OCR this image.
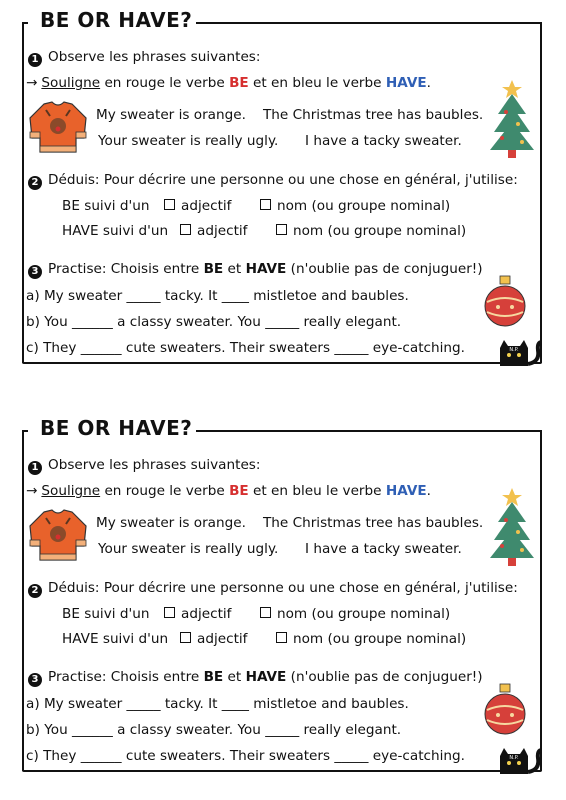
BE OR HAVE?
1 Observe les phrases suivantes:
→ Souligne en rouge le verbe BE et en bleu le verbe HAVE.
My sweater is orange. The Christmas tree has baubles.
Your sweater is really ugly. I have a tacky sweater.
2 Déduis: Pour décrire une personne ou une chose en général, j'utilise:
BE suivi d'un	adjectif	nom (ou groupe nominal)
HAVE suivi d'un	adjectif	nom (ou groupe nominal)
3 Practise: Choisis entre BE et HAVE (n'oublie pas de conjuguer!)
a) My sweater _____ tacky. It ____ mistletoe and baubles.
b) You ______ a classy sweater. You _____ really elegant.
c) They ______ cute sweaters. Their sweaters _____ eye-catching.	N.P.
BE OR HAVE?
1 Observe les phrases suivantes:
→ Souligne en rouge le verbe BE et en bleu le verbe HAVE.
My sweater is orange. The Christmas tree has baubles.
Your sweater is really ugly. I have a tacky sweater.
2 Déduis: Pour décrire une personne ou une chose en général, j'utilise:
BE suivi d'un	adjectif	nom (ou groupe nominal)
HAVE suivi d'un	adjectif	nom (ou groupe nominal)
3 Practise: Choisis entre BE et HAVE (n'oublie pas de conjuguer!)
a) My sweater _____ tacky. It ____ mistletoe and baubles.
b) You ______ a classy sweater. You _____ really elegant.
c) They ______ cute sweaters. Their sweaters _____ eye-catching.	N.P.
